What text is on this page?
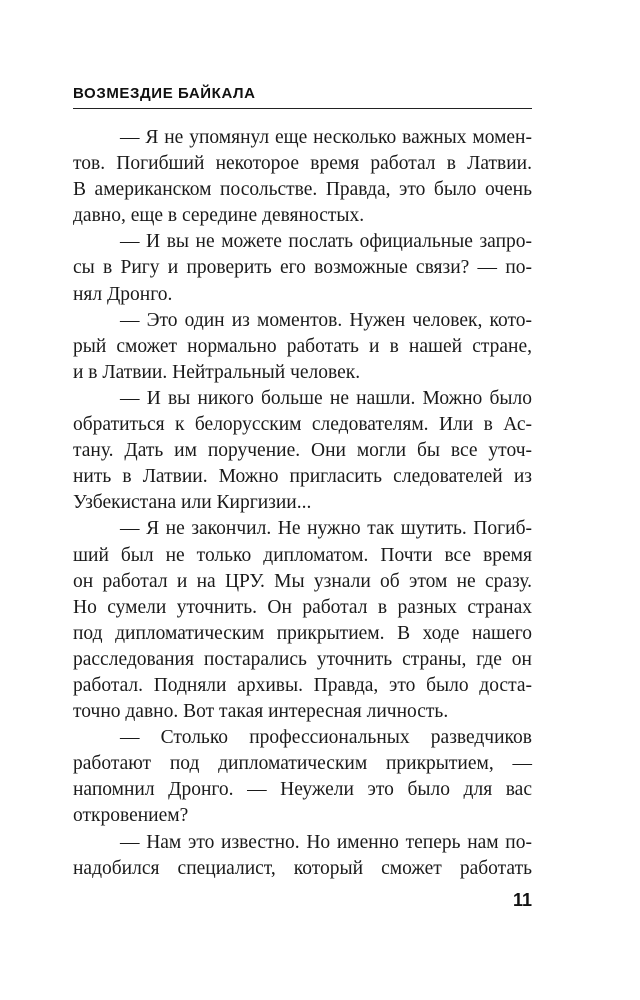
ВОЗМЕЗДИЕ БАЙКАЛА
— Я не упомянул еще несколько важных момен-
тов. Погибший некоторое время работал в Латвии.
В американском посольстве. Правда, это было очень
давно, еще в середине девяностых.
— И вы не можете послать официальные запро-
сы в Ригу и проверить его возможные связи? — по-
нял Дронго.
— Это один из моментов. Нужен человек, кото-
рый сможет нормально работать и в нашей стране,
и в Латвии. Нейтральный человек.
— И вы никого больше не нашли. Можно было
обратиться к белорусским следователям. Или в Ас-
тану. Дать им поручение. Они могли бы все уточ-
нить в Латвии. Можно пригласить следователей из
Узбекистана или Киргизии...
— Я не закончил. Не нужно так шутить. Погиб-
ший был не только дипломатом. Почти все время
он работал и на ЦРУ. Мы узнали об этом не сразу.
Но сумели уточнить. Он работал в разных странах
под дипломатическим прикрытием. В ходе нашего
расследования постарались уточнить страны, где он
работал. Подняли архивы. Правда, это было доста-
точно давно. Вот такая интересная личность.
— Столько профессиональных разведчиков
работают под дипломатическим прикрытием, —
напомнил Дронго. — Неужели это было для вас
откровением?
— Нам это известно. Но именно теперь нам по-
надобился специалист, который сможет работать
11
